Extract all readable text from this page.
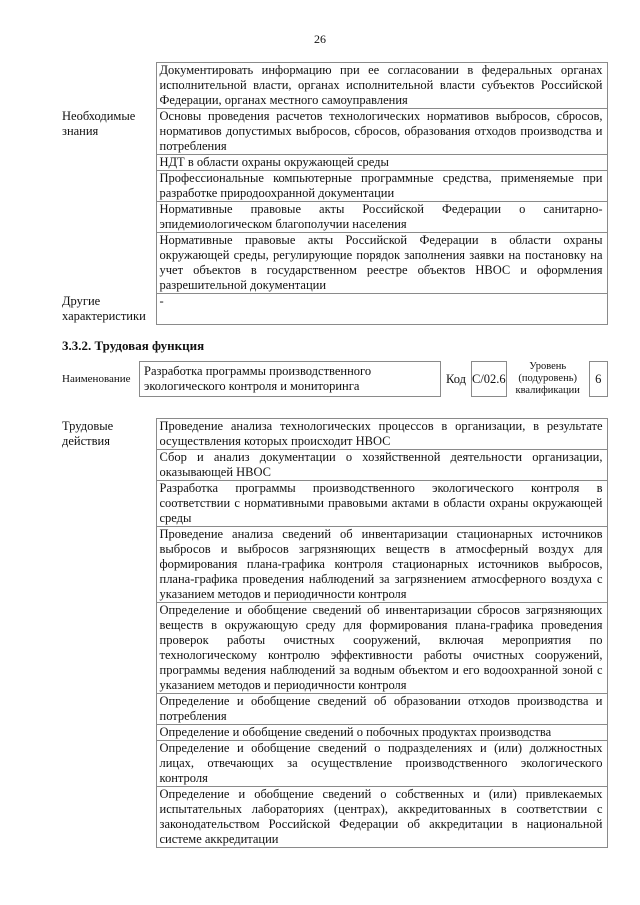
26
	Документировать информацию при ее согласовании в федеральных органах исполнительной власти, органах исполнительной власти субъектов Российской Федерации, органах местного самоуправления
Необходимые знания	Основы проведения расчетов технологических нормативов выбросов, сбросов, нормативов допустимых выбросов, сбросов, образования отходов производства и потребления
	НДТ в области охраны окружающей среды
	Профессиональные компьютерные программные средства, применяемые при разработке природоохранной документации
	Нормативные правовые акты Российской Федерации о санитарно-эпидемиологическом благополучии населения
	Нормативные правовые акты Российской Федерации в области охраны окружающей среды, регулирующие порядок заполнения заявки на постановку на учет объектов в государственном реестре объектов НВОС и оформления разрешительной документации
Другие характеристики	-
3.3.2. Трудовая функция
Наименование	Разработка программы производственного экологического контроля и мониторинга	Код	С/02.6	Уровень (подуровень) квалификации	6
Трудовые действия	Проведение анализа технологических процессов в организации, в результате осуществления которых происходит НВОС
Сбор и анализ документации о хозяйственной деятельности организации, оказывающей НВОС
Разработка программы производственного экологического контроля в соответствии с нормативными правовыми актами в области охраны окружающей среды
Проведение анализа сведений об инвентаризации стационарных источников выбросов и выбросов загрязняющих веществ в атмосферный воздух для формирования плана-графика контроля стационарных источников выбросов, плана-графика проведения наблюдений за загрязнением атмосферного воздуха с указанием методов и периодичности контроля
Определение и обобщение сведений об инвентаризации сбросов загрязняющих веществ в окружающую среду для формирования плана-графика проведения проверок работы очистных сооружений, включая мероприятия по технологическому контролю эффективности работы очистных сооружений, программы ведения наблюдений за водным объектом и его водоохранной зоной с указанием методов и периодичности контроля
Определение и обобщение сведений об образовании отходов производства и потребления
Определение и обобщение сведений о побочных продуктах производства
Определение и обобщение сведений о подразделениях и (или) должностных лицах, отвечающих за осуществление производственного экологического контроля
Определение и обобщение сведений о собственных и (или) привлекаемых испытательных лабораториях (центрах), аккредитованных в соответствии с законодательством Российской Федерации об аккредитации в национальной системе аккредитации
